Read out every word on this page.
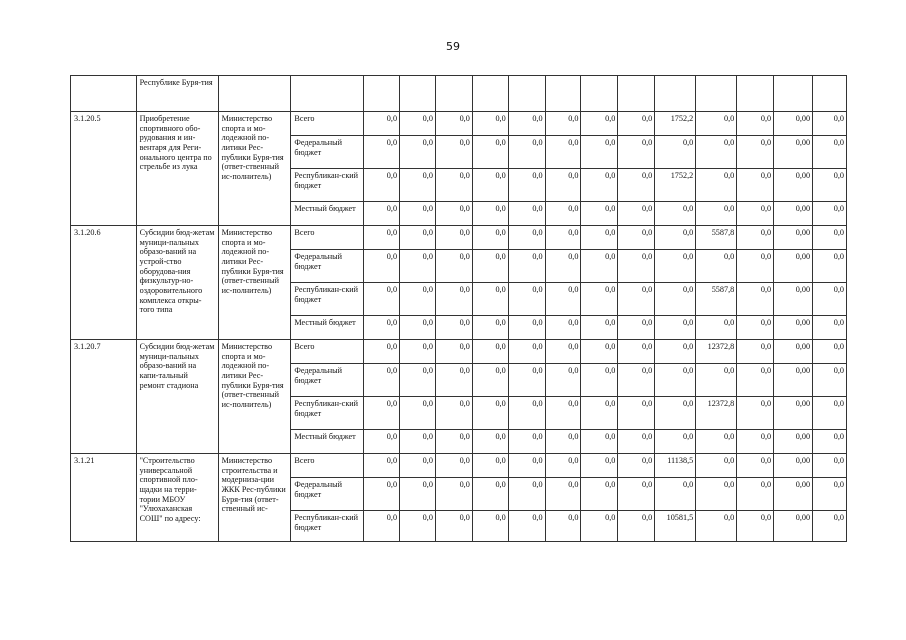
59
	Республике Буря-тия															
3.1.20.5	Приобретение спортивного обо-рудования и ин-вентаря для Реги-онального центра по стрельбе из лука	Министерство спорта и мо-лодежной по-литики Рес-публики Буря-тия (ответ-ственный ис-полнитель)	Всего	0,0	0,0	0,0	0,0	0,0	0,0	0,0	0,0	1752,2	0,0	0,0	0,00	0,0
			Федеральный бюджет	0,0	0,0	0,0	0,0	0,0	0,0	0,0	0,0	0,0	0,0	0,0	0,00	0,0
			Республикан-ский бюджет	0,0	0,0	0,0	0,0	0,0	0,0	0,0	0,0	1752,2	0,0	0,0	0,00	0,0
			Местный бюджет	0,0	0,0	0,0	0,0	0,0	0,0	0,0	0,0	0,0	0,0	0,0	0,00	0,0
3.1.20.6	Субсидии бюд-жетам муници-пальных образо-ваний на устрой-ство оборудова-ния физкультур-но-оздоровительного комплекса откры-того типа	Министерство спорта и мо-лодежной по-литики Рес-публики Буря-тия (ответ-ственный ис-полнитель)	Всего	0,0	0,0	0,0	0,0	0,0	0,0	0,0	0,0	0,0	5587,8	0,0	0,00	0,0
			Федеральный бюджет	0,0	0,0	0,0	0,0	0,0	0,0	0,0	0,0	0,0	0,0	0,0	0,00	0,0
			Республикан-ский бюджет	0,0	0,0	0,0	0,0	0,0	0,0	0,0	0,0	0,0	5587,8	0,0	0,00	0,0
			Местный бюджет	0,0	0,0	0,0	0,0	0,0	0,0	0,0	0,0	0,0	0,0	0,0	0,00	0,0
3.1.20.7	Субсидии бюд-жетам муници-пальных образо-ваний на капи-тальный ремонт стадиона	Министерство спорта и мо-лодежной по-литики Рес-публики Буря-тия (ответ-ственный ис-полнитель)	Всего	0,0	0,0	0,0	0,0	0,0	0,0	0,0	0,0	0,0	12372,8	0,0	0,00	0,0
			Федеральный бюджет	0,0	0,0	0,0	0,0	0,0	0,0	0,0	0,0	0,0	0,0	0,0	0,00	0,0
			Республикан-ский бюджет	0,0	0,0	0,0	0,0	0,0	0,0	0,0	0,0	0,0	12372,8	0,0	0,00	0,0
			Местный бюджет	0,0	0,0	0,0	0,0	0,0	0,0	0,0	0,0	0,0	0,0	0,0	0,00	0,0
3.1.21	"Строительство универсальной спортивной пло-щадки на терри-тории МБОУ "Улюхаханская СОШ" по адресу:	Министерство строительства и модерниза-ции ЖКК Рес-публики Буря-тия (ответ-ственный ис-	Всего	0,0	0,0	0,0	0,0	0,0	0,0	0,0	0,0	11138,5	0,0	0,0	0,00	0,0
			Федеральный бюджет	0,0	0,0	0,0	0,0	0,0	0,0	0,0	0,0	0,0	0,0	0,0	0,00	0,0
			Республикан-ский бюджет	0,0	0,0	0,0	0,0	0,0	0,0	0,0	0,0	10581,5	0,0	0,0	0,00	0,0
